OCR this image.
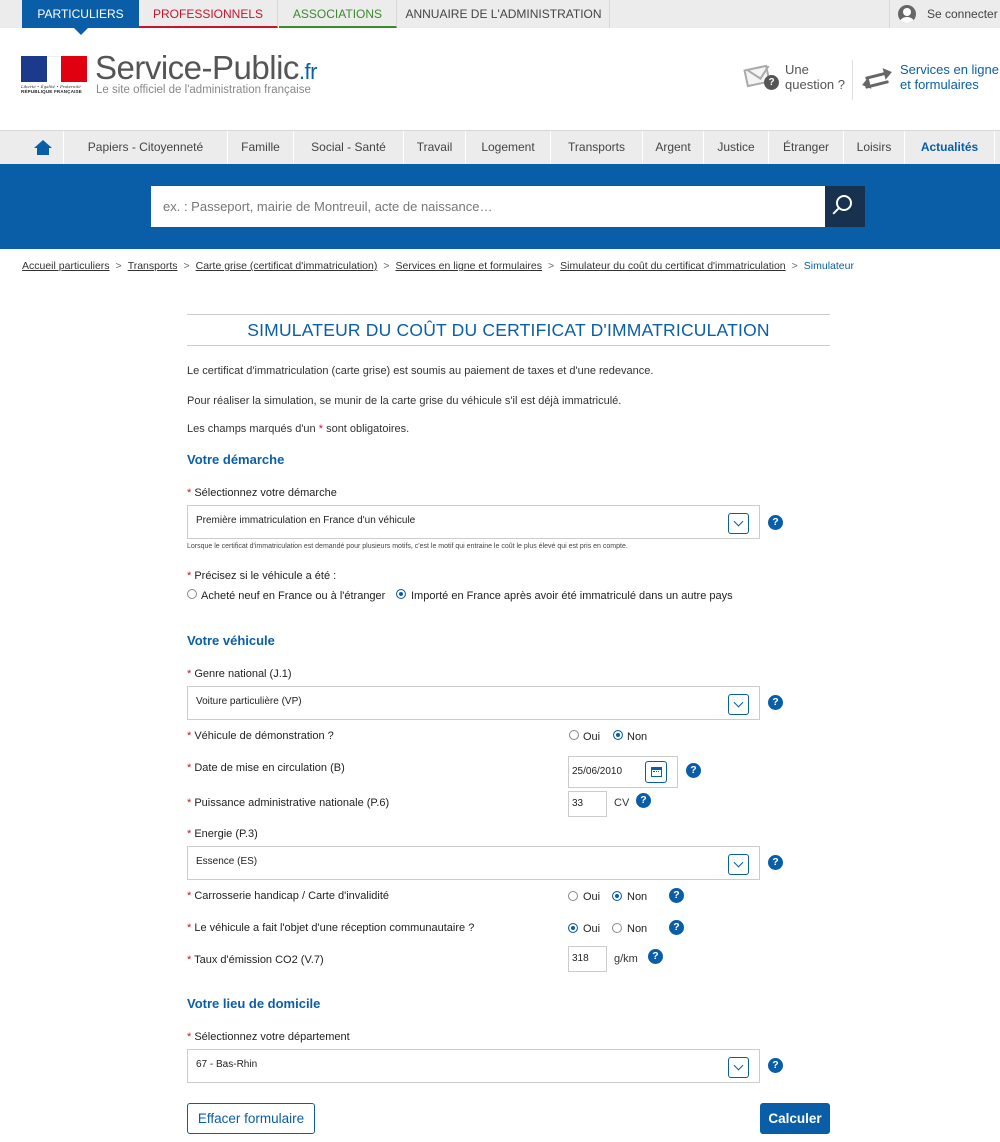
PARTICULIERS	PROFESSIONNELS	ASSOCIATIONS	ANNUAIRE DE L'ADMINISTRATION	Se connecter
Liberté • Égalité • Fraternité
RÉPUBLIQUE FRANÇAISE
Service-Public.fr
Le site officiel de l'administration française
?
Une question ?
Services en ligne et formulaires
Papiers - Citoyenneté	Famille	Social - Santé	Travail	Logement	Transports	Argent	Justice	Étranger	Loisirs	Actualités
ex. : Passeport, mairie de Montreuil, acte de naissance…
Accueil particuliers > Transports > Carte grise (certificat d'immatriculation) > Services en ligne et formulaires > Simulateur du coût du certificat d'immatriculation > Simulateur
SIMULATEUR DU COÛT DU CERTIFICAT D'IMMATRICULATION
Le certificat d'immatriculation (carte grise) est soumis au paiement de taxes et d'une redevance.
Pour réaliser la simulation, se munir de la carte grise du véhicule s'il est déjà immatriculé.
Les champs marqués d'un * sont obligatoires.
Votre démarche
* Sélectionnez votre démarche
Première immatriculation en France d'un véhicule	?
Lorsque le certificat d'immatriculation est demandé pour plusieurs motifs, c'est le motif qui entraine le coût le plus élevé qui est pris en compte.
* Précisez si le véhicule a été :
Acheté neuf en France ou à l'étranger Importé en France après avoir été immatriculé dans un autre pays
Votre véhicule
* Genre national (J.1)
Voiture particulière (VP)	?
* Véhicule de démonstration ?	Oui Non
* Date de mise en circulation (B)	25/06/2010	?
* Puissance administrative nationale (P.6)	33	CV	?
* Energie (P.3)
Essence (ES)	?
* Carrosserie handicap / Carte d'invalidité	Oui Non	?
* Le véhicule a fait l'objet d'une réception communautaire ?	Oui Non	?
* Taux d'émission CO2 (V.7)	318	g/km	?
Votre lieu de domicile
* Sélectionnez votre département
67 - Bas-Rhin	?
Effacer formulaire	Calculer
